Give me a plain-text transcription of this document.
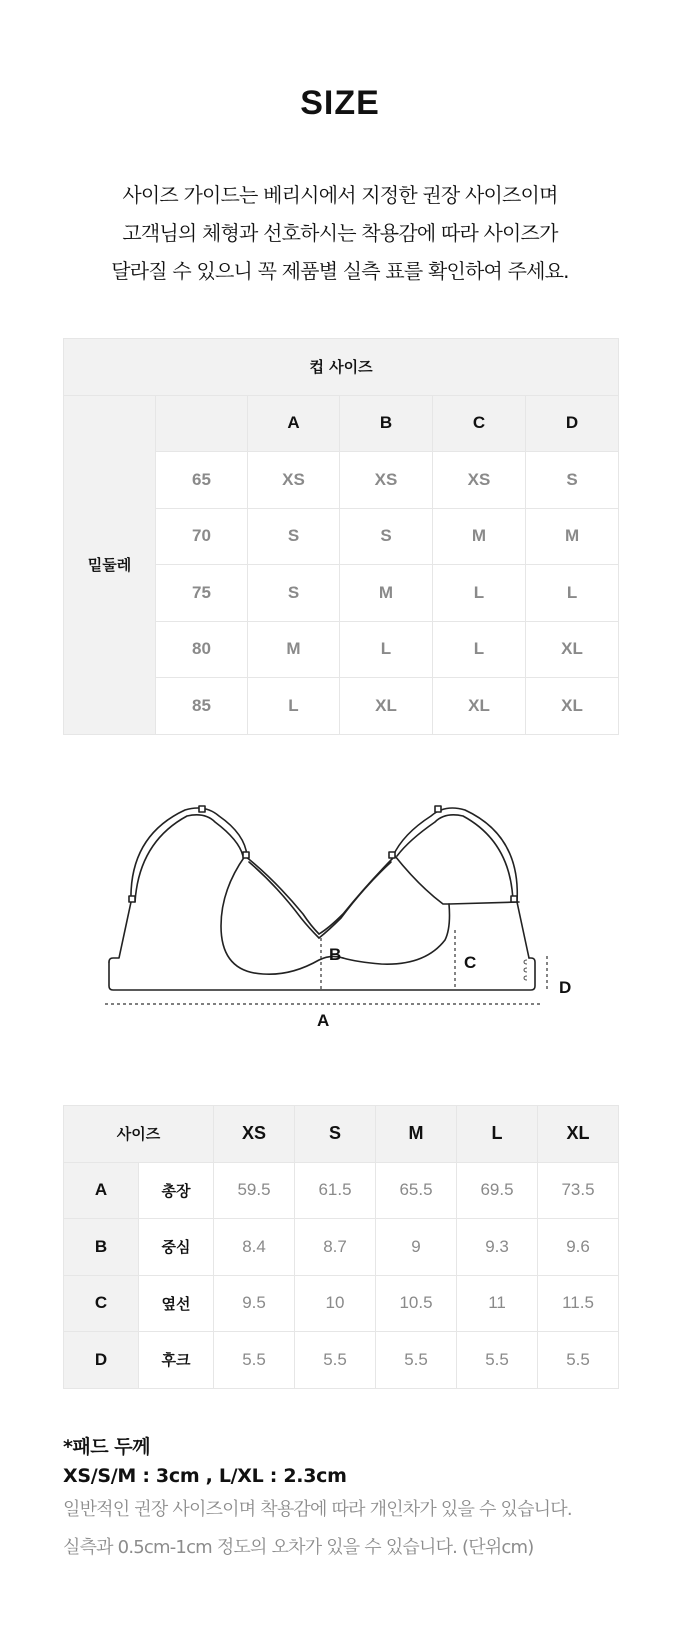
SIZE
사이즈 가이드는 베리시에서 지정한 권장 사이즈이며
고객님의 체형과 선호하시는 착용감에 따라 사이즈가
달라질 수 있으니 꼭 제품별 실측 표를 확인하여 주세요.
컵 사이즈					
밑둘레		A	B	C	D
	65	XS	XS	XS	S
	70	S	S	M	M
	75	S	M	L	L
	80	M	L	L	XL
	85	L	XL	XL	XL
A
B	C
D
사이즈		XS	S	M	L	XL
A	총장	59.5	61.5	65.5	69.5	73.5
B	중심	8.4	8.7	9	9.3	9.6
C	옆선	9.5	10	10.5	11	11.5
D	후크	5.5	5.5	5.5	5.5	5.5
*패드 두께
XS/S/M : 3cm , L/XL : 2.3cm
일반적인 권장 사이즈이며 착용감에 따라 개인차가 있을 수 있습니다.
실측과 0.5cm-1cm 정도의 오차가 있을 수 있습니다. (단위cm)
